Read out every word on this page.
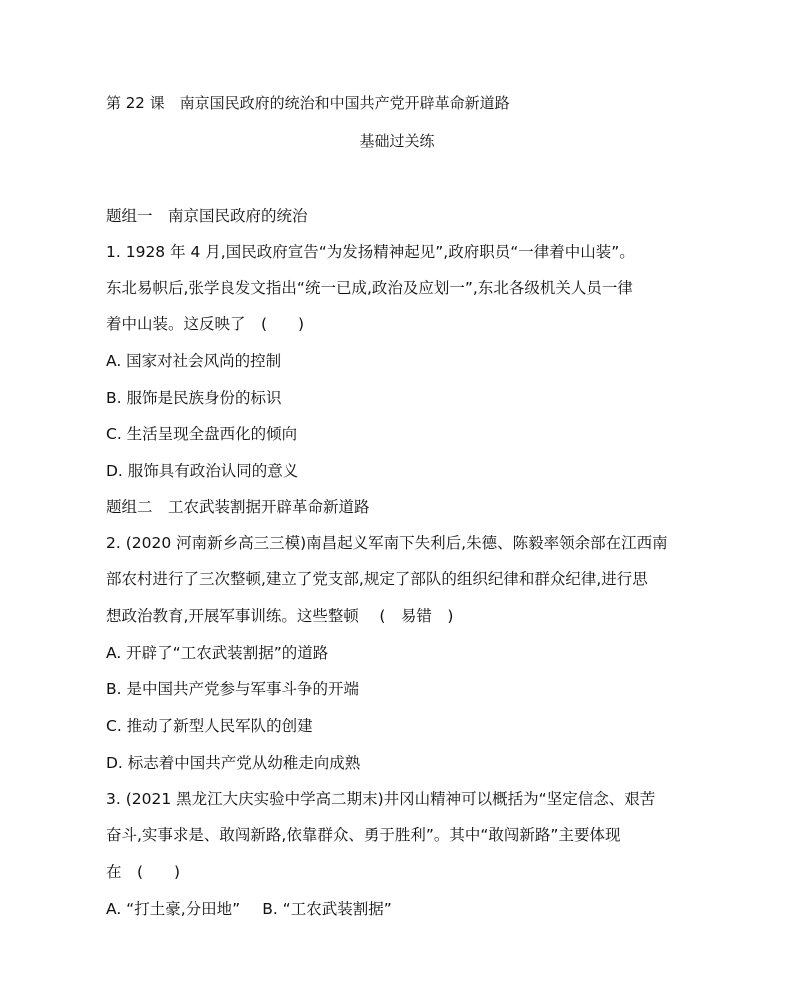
第 22 课　南京国民政府的统治和中国共产党开辟革命新道路

基础过关练

题组一　南京国民政府的统治

1. 1928 年 4 月,国民政府宣告“为发扬精神起见”,政府职员“一律着中山装”。

东北易帜后,张学良发文指出“统一已成,政治及应划一”,东北各级机关人员一律

着中山装。这反映了　(　　)

A. 国家对社会风尚的控制

B. 服饰是民族身份的标识

C. 生活呈现全盘西化的倾向

D. 服饰具有政治认同的意义

题组二　工农武装割据开辟革命新道路

2. (2020 河南新乡高三三模)南昌起义军南下失利后,朱德、陈毅率领余部在江西南

部农村进行了三次整顿,建立了党支部,规定了部队的组织纪律和群众纪律,进行思

想政治教育,开展军事训练。这些整顿　 (　易错　)

A. 开辟了“工农武装割据”的道路

B. 是中国共产党参与军事斗争的开端

C. 推动了新型人民军队的创建

D. 标志着中国共产党从幼稚走向成熟

3. (2021 黑龙江大庆实验中学高二期末)井冈山精神可以概括为“坚定信念、艰苦

奋斗,实事求是、敢闯新路,依靠群众、勇于胜利”。其中“敢闯新路”主要体现

在　(　　)

A. “打土豪,分田地” B. “工农武装割据”
